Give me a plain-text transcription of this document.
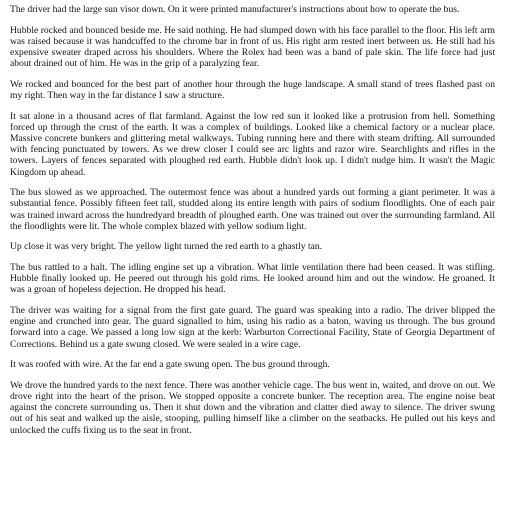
The driver had the large sun visor down. On it were printed manufacturer's instructions about how to operate the bus.

Hubble rocked and bounced beside me. He said nothing. He had slumped down with his face parallel to the floor. His left arm was raised because it was handcuffed to the chrome bar in front of us. His right arm rested inert between us. He still had his expensive sweater draped across his shoulders. Where the Rolex had been was a band of pale skin. The life force had just about drained out of him. He was in the grip of a paralyzing fear.

We rocked and bounced for the best part of another hour through the huge landscape. A small stand of trees flashed past on my right. Then way in the far distance I saw a structure.

It sat alone in a thousand acres of flat farmland. Against the low red sun it looked like a protrusion from hell. Something forced up through the crust of the earth. It was a complex of buildings. Looked like a chemical factory or a nuclear place. Massive concrete bunkers and glittering metal walkways. Tubing running here and there with steam drifting. All surrounded with fencing punctuated by towers. As we drew closer I could see arc lights and razor wire. Searchlights and rifles in the towers. Layers of fences separated with ploughed red earth. Hubble didn't look up. I didn't nudge him. It wasn't the Magic Kingdom up ahead.

The bus slowed as we approached. The outermost fence was about a hundred yards out forming a giant perimeter. It was a substantial fence. Possibly fifteen feet tall, studded along its entire length with pairs of sodium floodlights. One of each pair was trained inward across the hundredyard breadth of ploughed earth. One was trained out over the surrounding farmland. All the floodlights were lit. The whole complex blazed with yellow sodium light.

Up close it was very bright. The yellow light turned the red earth to a ghastly tan.

The bus rattled to a halt. The idling engine set up a vibration. What little ventilation there had been ceased. It was stifling. Hubble finally looked up. He peered out through his gold rims. He looked around him and out the window. He groaned. It was a groan of hopeless dejection. He dropped his head.

The driver was waiting for a signal from the first gate guard. The guard was speaking into a radio. The driver blipped the engine and crunched into gear. The guard signalled to him, using his radio as a baton, waving us through. The bus ground forward into a cage. We passed a long low sign at the kerb: Warburton Correctional Facility, State of Georgia Department of Corrections. Behind us a gate swung closed. We were sealed in a wire cage.

It was roofed with wire. At the far end a gate swung open. The bus ground through.

We drove the hundred yards to the next fence. There was another vehicle cage. The bus went in, waited, and drove on out. We drove right into the heart of the prison. We stopped opposite a concrete bunker. The reception area. The engine noise beat against the concrete surrounding us. Then it shut down and the vibration and clatter died away to silence. The driver swung out of his seat and walked up the aisle, stooping, pulling himself like a climber on the seatbacks. He pulled out his keys and unlocked the cuffs fixing us to the seat in front.
